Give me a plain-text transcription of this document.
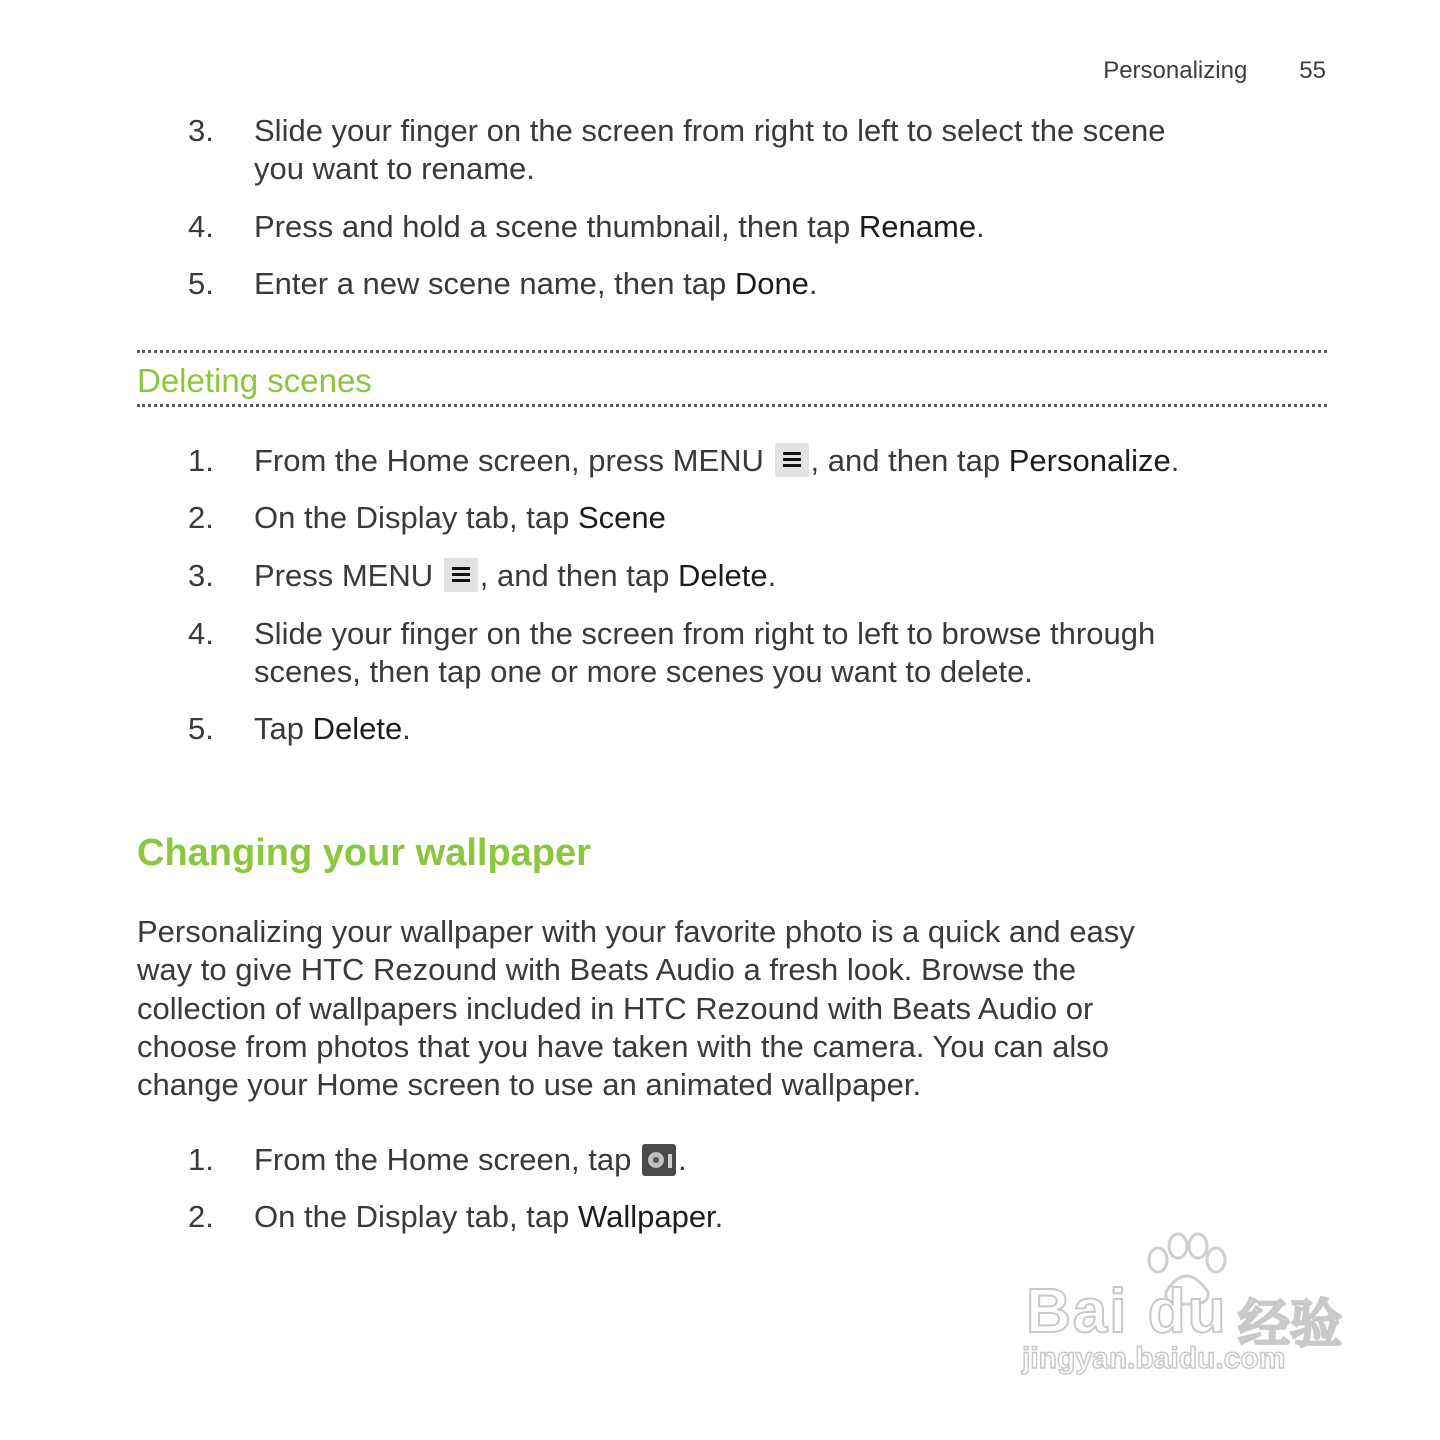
Personalizing 55
3.	Slide your finger on the screen from right to left to select the scene
you want to rename.
4.	Press and hold a scene thumbnail, then tap Rename.
5.	Enter a new scene name, then tap Done.
Deleting scenes
1.	From the Home screen, press MENU
, and then tap Personalize.
2.	On the Display tab, tap Scene
3.	Press MENU
, and then tap Delete.
4.	Slide your finger on the screen from right to left to browse through
scenes, then tap one or more scenes you want to delete.
5.	Tap Delete.
Changing your wallpaper
Personalizing your wallpaper with your favorite photo is a quick and easy
way to give HTC Rezound with Beats Audio a fresh look. Browse the
collection of wallpapers included in HTC Rezound with Beats Audio or
choose from photos that you have taken with the camera. You can also
change your Home screen to use an animated wallpaper.
1.	From the Home screen, tap
.
2.	On the Display tab, tap Wallpaper.
Bai du 经验
jingyan.baidu.com
